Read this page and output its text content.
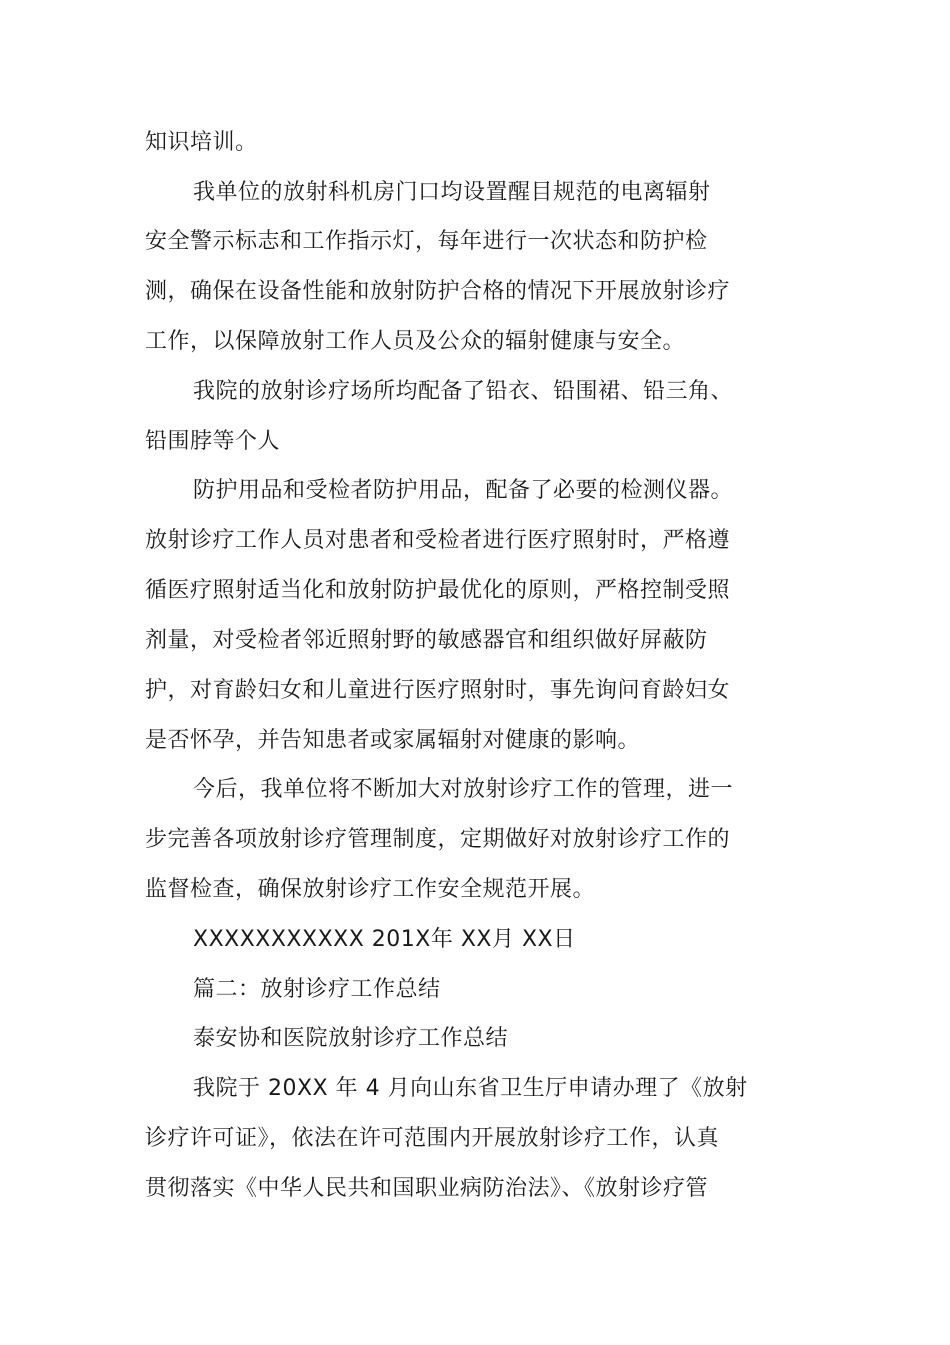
知识培训。
我单位的放射科机房门口均设置醒目规范的电离辐射
安全警示标志和工作指示灯，每年进行一次状态和防护检
测，确保在设备性能和放射防护合格的情况下开展放射诊疗
工作，以保障放射工作人员及公众的辐射健康与安全。
我院的放射诊疗场所均配备了铅衣、铅围裙、铅三角、
铅围脖等个人
防护用品和受检者防护用品，配备了必要的检测仪器。
放射诊疗工作人员对患者和受检者进行医疗照射时，严格遵
循医疗照射适当化和放射防护最优化的原则，严格控制受照
剂量，对受检者邻近照射野的敏感器官和组织做好屏蔽防
护，对育龄妇女和儿童进行医疗照射时，事先询问育龄妇女
是否怀孕，并告知患者或家属辐射对健康的影响。
今后，我单位将不断加大对放射诊疗工作的管理，进一
步完善各项放射诊疗管理制度，定期做好对放射诊疗工作的
监督检查，确保放射诊疗工作安全规范开展。
XXXXXXXXXXX 201X年 XX月 XX日
篇二：放射诊疗工作总结
泰安协和医院放射诊疗工作总结
我院于 20XX 年 4 月向山东省卫生厅申请办理了《放射
诊疗许可证》，依法在许可范围内开展放射诊疗工作，认真
贯彻落实《中华人民共和国职业病防治法》、《放射诊疗管
